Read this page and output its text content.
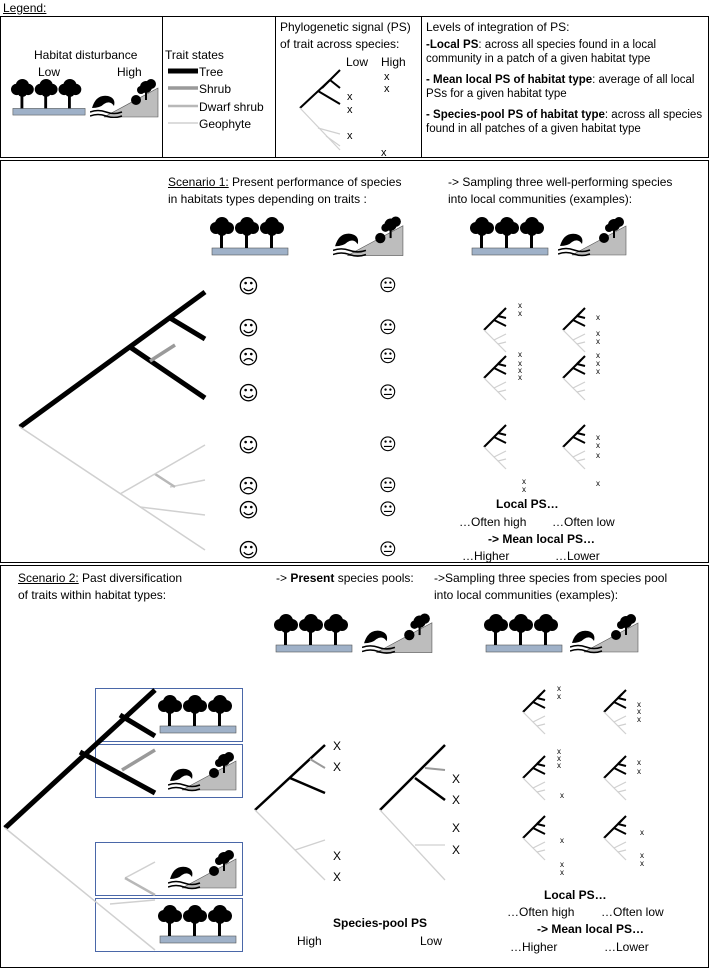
Legend:
Habitat disturbance
Low	High
Trait states
Tree
Shrub
Dwarf shrub
Geophyte
Phylogenetic signal (PS)
of trait across species:
Low High
Levels of integration of PS:
-Local PS: across all species found in a local community in a patch of a given habitat type
- Mean local PS of habitat type: average of all local PSs for a given habitat type
- Species-pool PS of habitat type: across all species found in all patches of a given habitat type
Scenario 1: Present performance of species
in habitats types depending on traits :
-> Sampling three well-performing species
into local communities (examples):
Local PS…
…Often high …Often low
-> Mean local PS…
…Higher	…Lower
☺
☺
☹
☺
☺
☹
☺
☺
😐
😐
😐
😐
😐
😐
😐
😐
Scenario 2: Past diversification
of traits within habitat types:
-> Present species pools: ->Sampling three species from species pool
into local communities (examples):
Species-pool PS
High	Low
Local PS…
…Often high …Often low
-> Mean local PS…
…Higher	…Lower
x
x
x
x
x
x
x
x
x
x
x
x
x
x
x
x
x
x
x
x
x
x
x
x
X
X
X
X
X
X
X
X
x
x
x
x
x
x
x
x
x
x
x
x
x
x
x
x
x
